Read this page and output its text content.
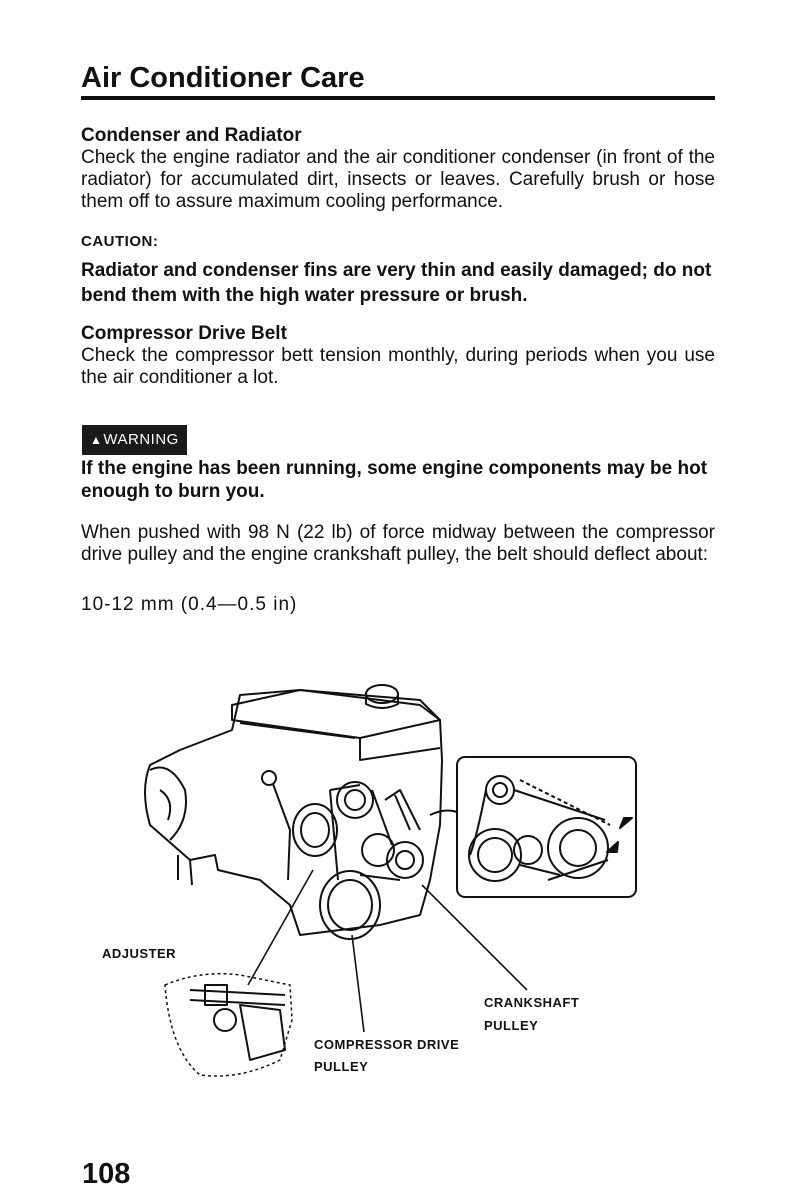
Air Conditioner Care
Condenser and Radiator
Check the engine radiator and the air conditioner condenser (in front of the radiator) for accumulated dirt, insects or leaves. Carefully brush or hose them off to assure maximum cooling performance.
CAUTION:
Radiator and condenser fins are very thin and easily damaged; do not bend them with the high water pressure or brush.
Compressor Drive Belt
Check the compressor bett tension monthly, during periods when you use the air conditioner a lot.
▲WARNING
If the engine has been running, some engine components may be hot enough to burn you.
When pushed with 98 N (22 lb) of force midway between the compressor drive pulley and the engine crankshaft pulley, the belt should deflect about:
10-12 mm (0.4—0.5 in)
ADJUSTER
CRANKSHAFT
PULLEY
COMPRESSOR DRIVE
PULLEY
108
